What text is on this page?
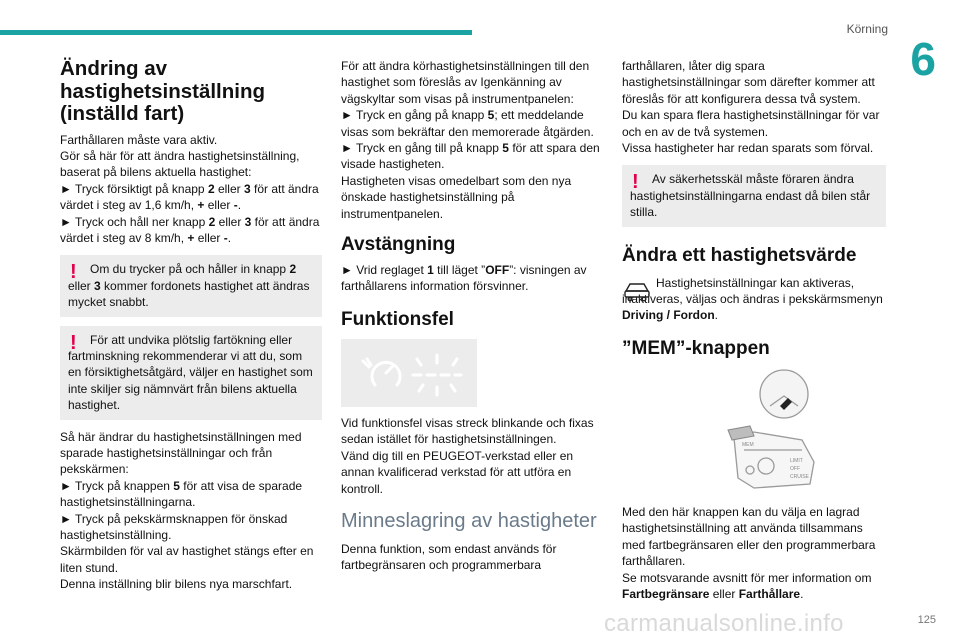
Körning
6
Ändring av hastighetsinställning (inställd fart)

Farthållaren måste vara aktiv.

Gör så här för att ändra hastighetsinställning, baserat på bilens aktuella hastighet:

► Tryck försiktigt på knapp 2 eller 3 för att ändra värdet i steg av 1,6 km/h, + eller -.

► Tryck och håll ner knapp 2 eller 3 för att ändra värdet i steg av 8 km/h, + eller -.

!	Om du trycker på och håller in knapp 2 eller 3 kommer fordonets hastighet att ändras mycket snabbt.

!	För att undvika plötslig fartökning eller fartminskning rekommenderar vi att du, som en försiktighetsåtgärd, väljer en hastighet som inte skiljer sig nämnvärt från bilens aktuella hastighet.

Så här ändrar du hastighetsinställningen med sparade hastighetsinställningar och från pekskärmen:

► Tryck på knappen 5 för att visa de sparade hastighetsinställningarna.

► Tryck på pekskärmsknappen för önskad hastighetsinställning.

Skärmbilden för val av hastighet stängs efter en liten stund.

Denna inställning blir bilens nya marschfart.

För att ändra körhastighetsinställningen till den hastighet som föreslås av Igenkänning av vägskyltar som visas på instrumentpanelen:

► Tryck en gång på knapp 5; ett meddelande visas som bekräftar den memorerade åtgärden.

► Tryck en gång till på knapp 5 för att spara den visade hastigheten.

Hastigheten visas omedelbart som den nya önskade hastighetsinställning på instrumentpanelen.

Avstängning

► Vrid reglaget 1 till läget ”OFF”: visningen av farthållarens information försvinner.

Funktionsfel

Vid funktionsfel visas streck blinkande och fixas sedan istället för hastighetsinställningen.

Vänd dig till en PEUGEOT-verkstad eller en annan kvalificerad verkstad för att utföra en kontroll.

Minneslagring av hastigheter

Denna funktion, som endast används för fartbegränsaren och programmerbara

farthållaren, låter dig spara hastighetsinställningar som därefter kommer att föreslås för att konfigurera dessa två system.

Du kan spara flera hastighetsinställningar för var och en av de två systemen.

Vissa hastigheter har redan sparats som förval.

!	Av säkerhetsskäl måste föraren ändra hastighetsinställningarna endast då bilen står stilla.

Ändra ett hastighetsvärde

Hastighetsinställningar kan aktiveras, inaktiveras, väljas och ändras i pekskärmsmenyn Driving / Fordon.

”MEM”-knappen
MEM
LIMIT
OFF
CRUISE

Med den här knappen kan du välja en lagrad hastighetsinställning att använda tillsammans med fartbegränsaren eller den programmerbara farthållaren.

Se motsvarande avsnitt för mer information om Fartbegränsare eller Farthållare.

carmanualsonline.info	125
